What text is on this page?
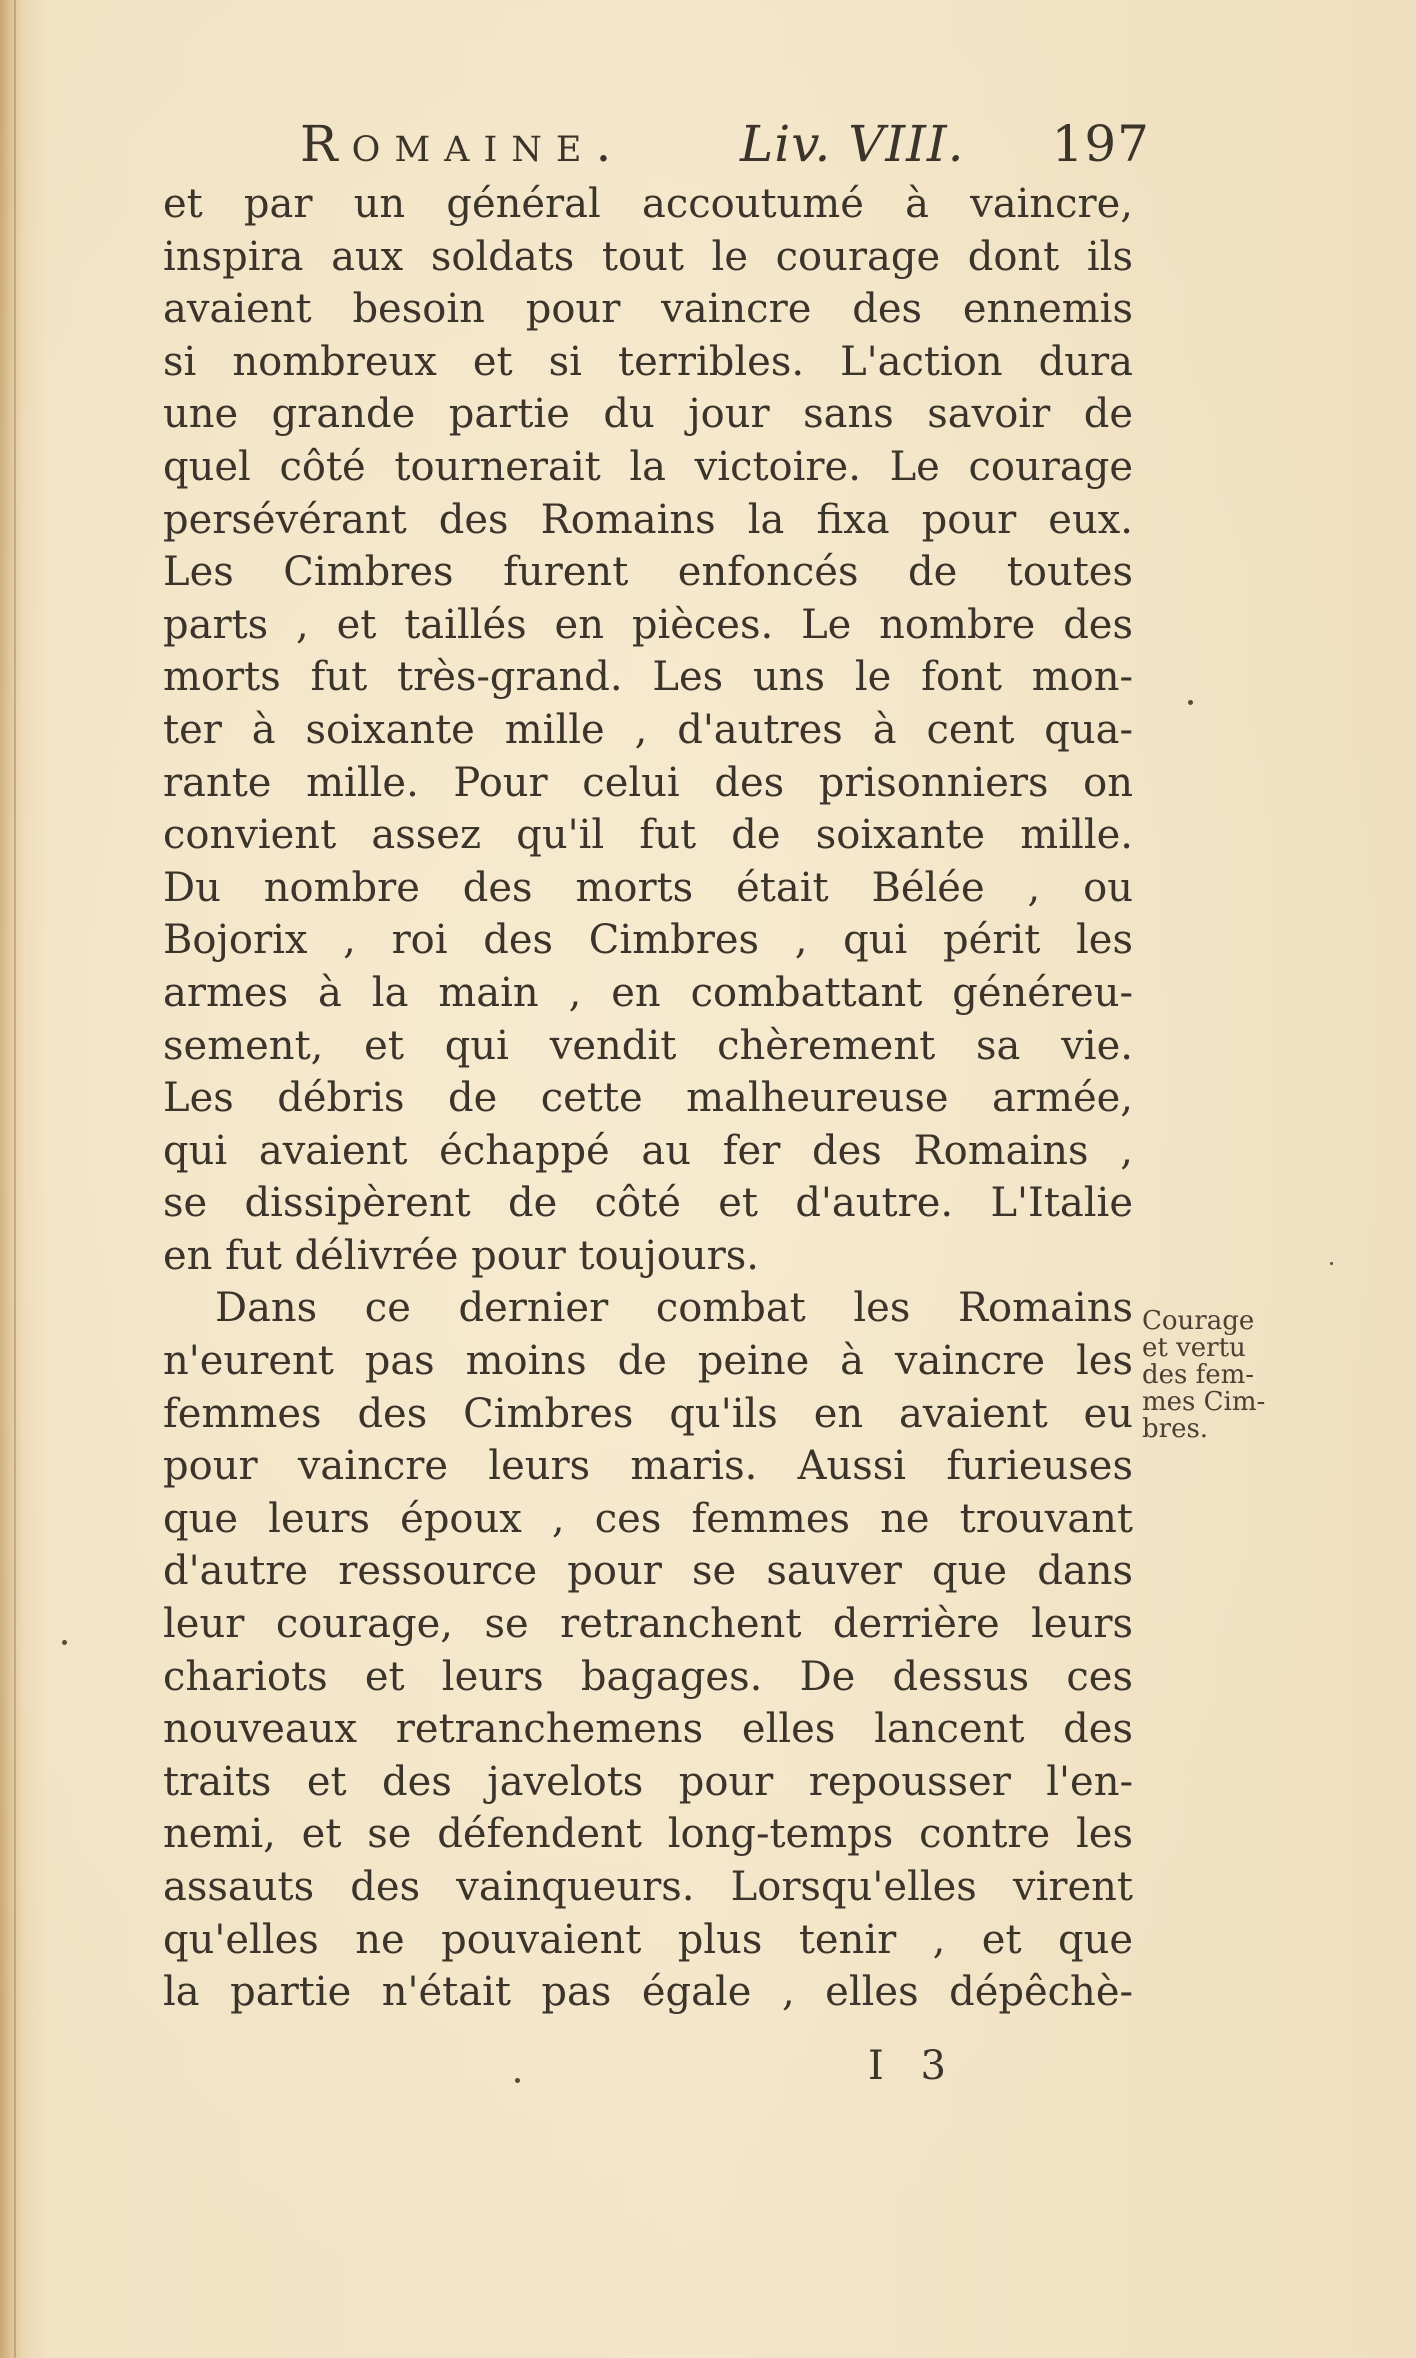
Romaine. Liv. VIII. 197
et par un général accoutumé à vaincre,
inspira aux soldats tout le courage dont ils
avaient besoin pour vaincre des ennemis
si nombreux et si terribles. L'action dura
une grande partie du jour sans savoir de
quel côté tournerait la victoire. Le courage
persévérant des Romains la fixa pour eux.
Les Cimbres furent enfoncés de toutes
parts , et taillés en pièces. Le nombre des
morts fut très-grand. Les uns le font mon-
ter à soixante mille , d'autres à cent qua-
rante mille. Pour celui des prisonniers on
convient assez qu'il fut de soixante mille.
Du nombre des morts était Bélée , ou
Bojorix , roi des Cimbres , qui périt les
armes à la main , en combattant généreu-
sement, et qui vendit chèrement sa vie.
Les débris de cette malheureuse armée,
qui avaient échappé au fer des Romains ,
se dissipèrent de côté et d'autre. L'Italie
en fut délivrée pour toujours.
Dans ce dernier combat les Romains
n'eurent pas moins de peine à vaincre les
femmes des Cimbres qu'ils en avaient eu
pour vaincre leurs maris. Aussi furieuses
que leurs époux , ces femmes ne trouvant
d'autre ressource pour se sauver que dans
leur courage, se retranchent derrière leurs
chariots et leurs bagages. De dessus ces
nouveaux retranchemens elles lancent des
traits et des javelots pour repousser l'en-
nemi, et se défendent long-temps contre les
assauts des vainqueurs. Lorsqu'elles virent
qu'elles ne pouvaient plus tenir , et que
la partie n'était pas égale , elles dépêchè-
Courage
et vertu
des fem-
mes Cim-
bres.
I 3
